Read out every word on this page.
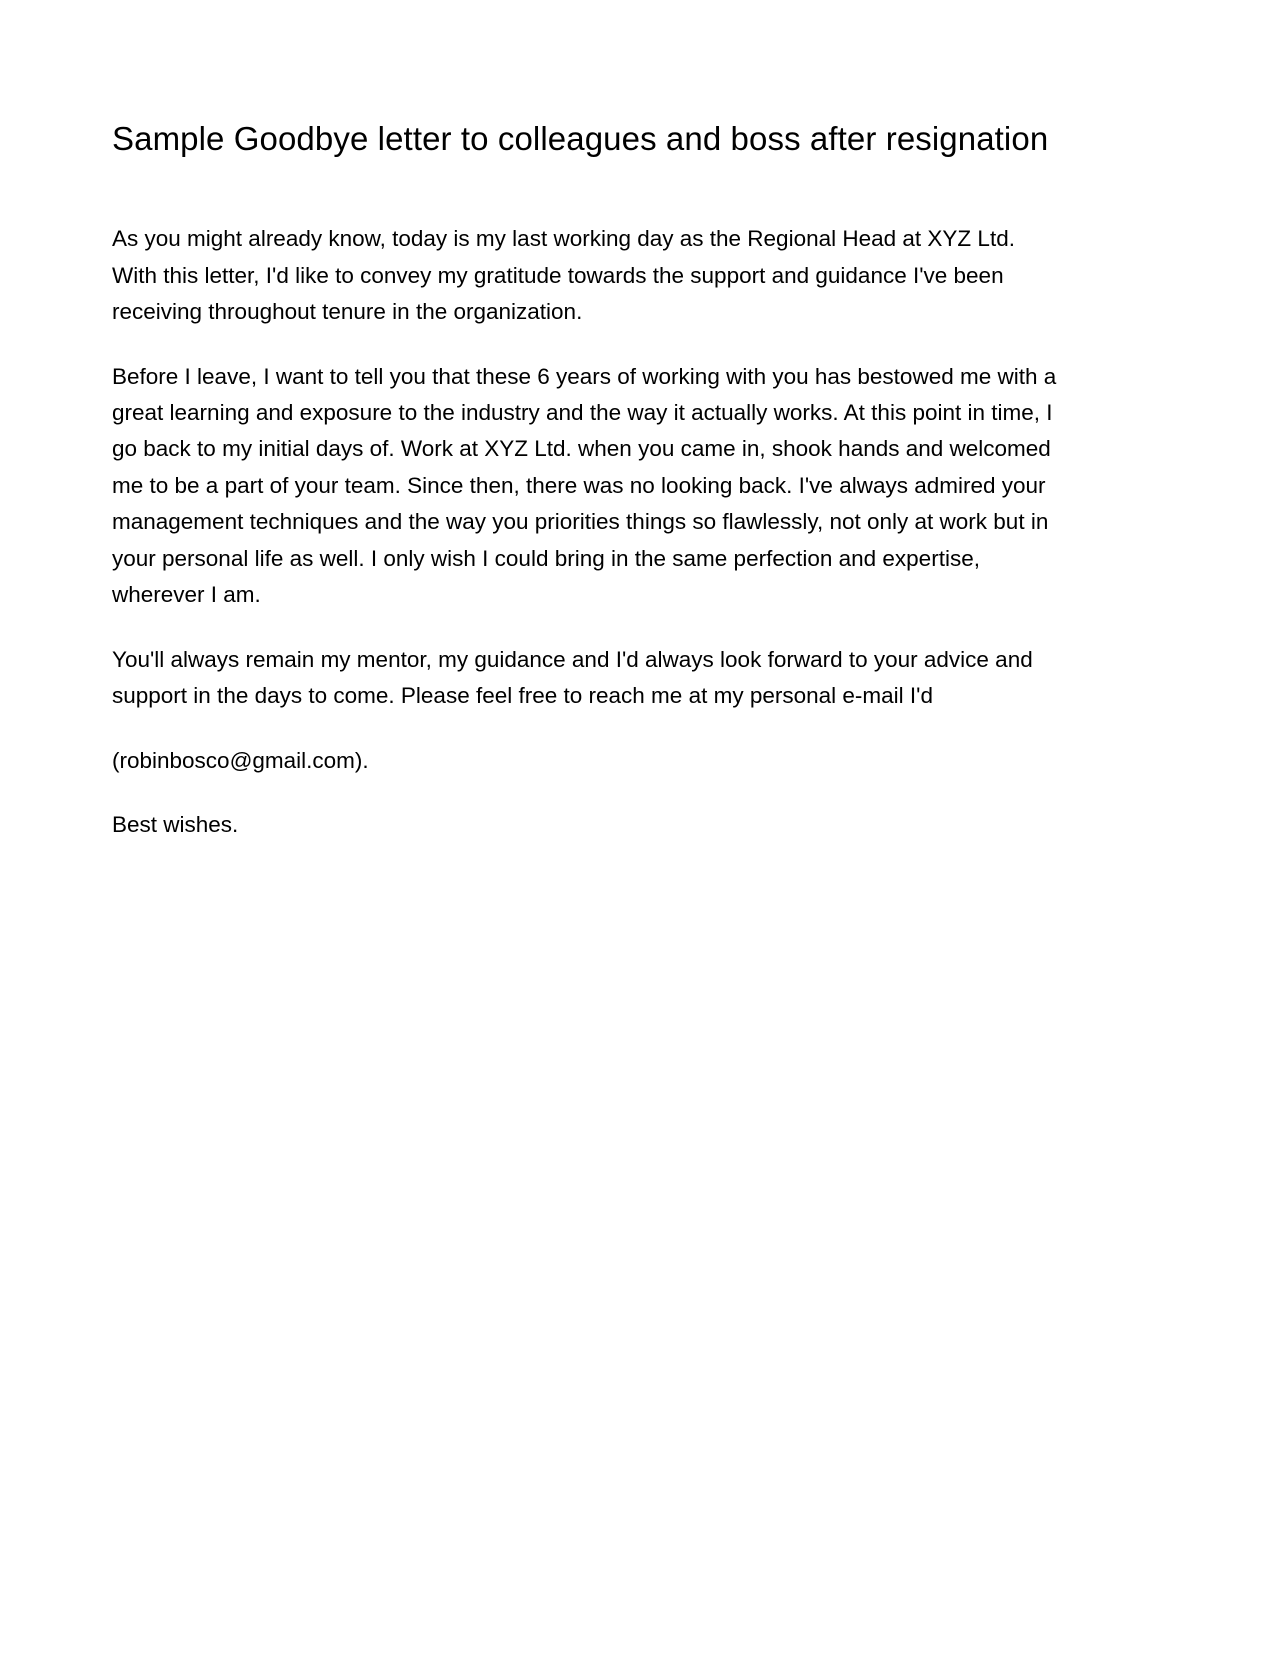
Sample Goodbye letter to colleagues and boss after resignation

As you might already know, today is my last working day as the Regional Head at XYZ Ltd. With this letter, I'd like to convey my gratitude towards the support and guidance I've been receiving throughout tenure in the organization.

Before I leave, I want to tell you that these 6 years of working with you has bestowed me with a great learning and exposure to the industry and the way it actually works. At this point in time, I go back to my initial days of. Work at XYZ Ltd. when you came in, shook hands and welcomed me to be a part of your team. Since then, there was no looking back. I've always admired your management techniques and the way you priorities things so flawlessly, not only at work but in your personal life as well. I only wish I could bring in the same perfection and expertise, wherever I am.

You'll always remain my mentor, my guidance and I'd always look forward to your advice and support in the days to come. Please feel free to reach me at my personal e-mail I'd

(robinbosco@gmail.com).

Best wishes.
